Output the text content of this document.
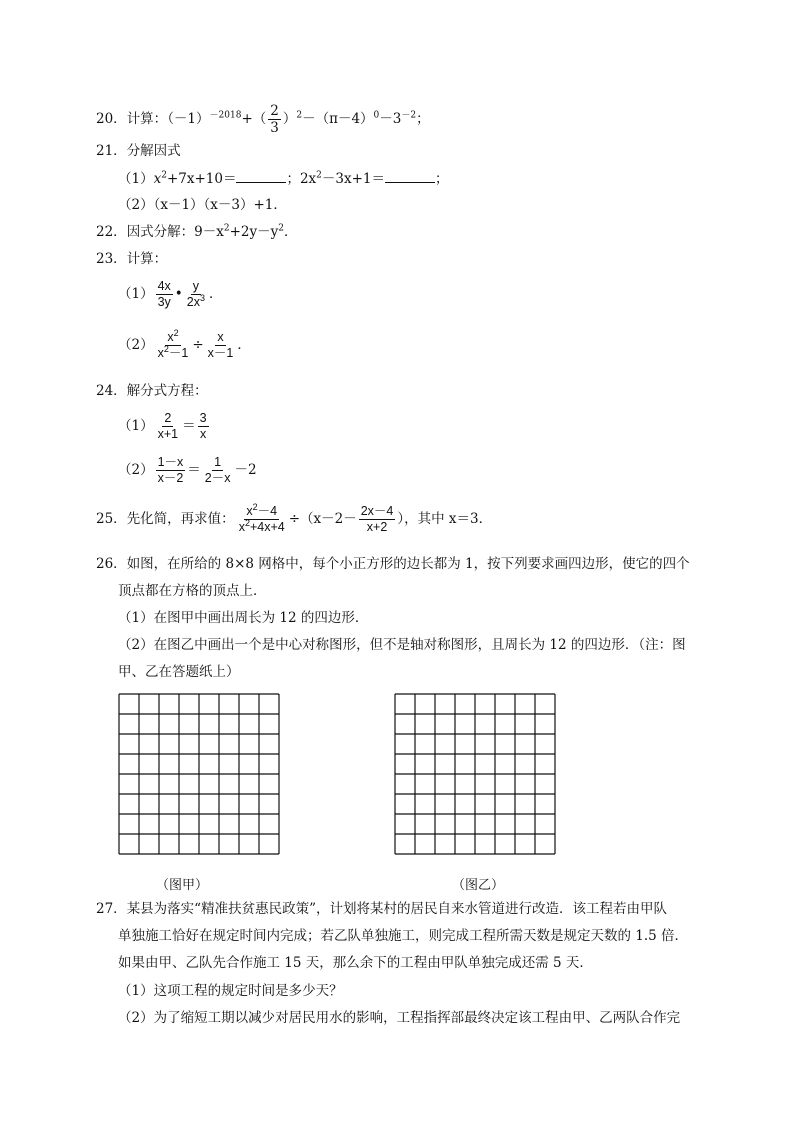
20．计算：$(-1)^{-2018}+( \frac{2}{3} )^2-(\pi-4)^0-3^{-2}$；
21．分解因式
$(1)x^2+7x+10=$	；$2x^2-3x+1=$	；
（2）（x－1）（x－3）+1．
22．因式分解：$9-x^2+2y-y^2$．
23．计算：
$(1) \frac{4x}{3y}$ • $\frac{y}{2x^3}$ ．
$(2) \frac{x^2}{x^2-1} \div \frac{x}{x-1}$ ．
24．解分式方程：
$(1) \frac{2}{x+1} = \frac{3}{x}$
$(2) \frac{1-x}{x-2} = \frac{1}{2-x} -2$
25．先化简，再求值： $\frac{x^2-4}{x^2+4x+4} \div(x-2- \frac{2x-4}{x+2}$ ），其中 x＝3．
26．如图，在所给的 8×8 网格中，每个小正方形的边长都为 1，按下列要求画四边形，使它的四个
顶点都在方格的顶点上．
（1）在图甲中画出周长为 12 的四边形．
（2）在图乙中画出一个是中心对称图形，但不是轴对称图形，且周长为 12 的四边形．（注：图
甲、乙在答题纸上）
（图甲）	（图乙）
27．某县为落实“精准扶贫惠民政策”，计划将某村的居民自来水管道进行改造．该工程若由甲队
单独施工恰好在规定时间内完成；若乙队单独施工，则完成工程所需天数是规定天数的 1.5 倍．
如果由甲、乙队先合作施工 15 天，那么余下的工程由甲队单独完成还需 5 天．
（1）这项工程的规定时间是多少天？
（2）为了缩短工期以减少对居民用水的影响，工程指挥部最终决定该工程由甲、乙两队合作完
